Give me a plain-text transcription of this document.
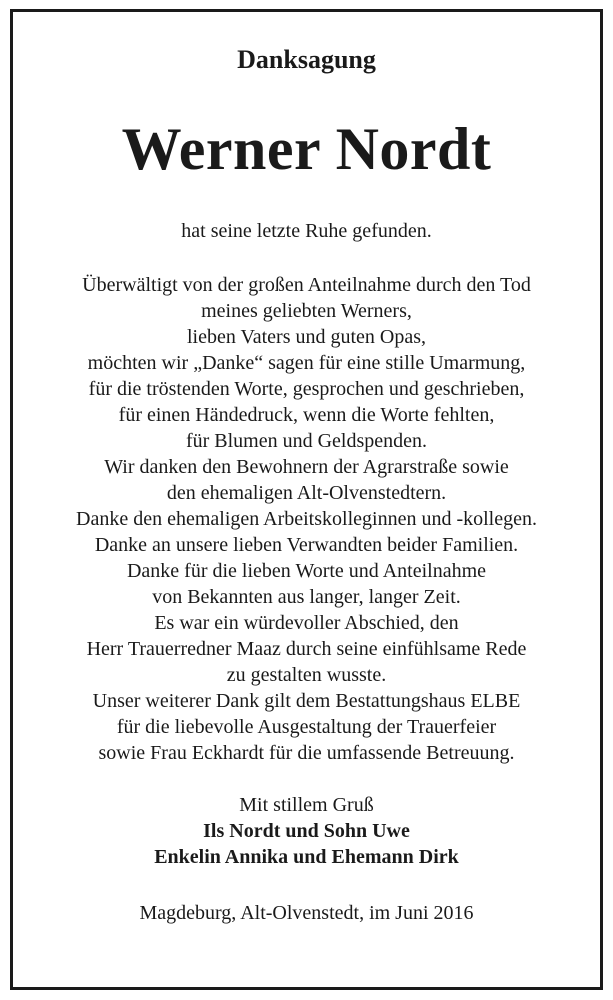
Danksagung
Werner Nordt
hat seine letzte Ruhe gefunden.
Überwältigt von der großen Anteilnahme durch den Tod
meines geliebten Werners,
lieben Vaters und guten Opas,
möchten wir „Danke“ sagen für eine stille Umarmung,
für die tröstenden Worte, gesprochen und geschrieben,
für einen Händedruck, wenn die Worte fehlten,
für Blumen und Geldspenden.
Wir danken den Bewohnern der Agrarstraße sowie
den ehemaligen Alt-Olvenstedtern.
Danke den ehemaligen Arbeitskolleginnen und -kollegen.
Danke an unsere lieben Verwandten beider Familien.
Danke für die lieben Worte und Anteilnahme
von Bekannten aus langer, langer Zeit.
Es war ein würdevoller Abschied, den
Herr Trauerredner Maaz durch seine einfühlsame Rede
zu gestalten wusste.
Unser weiterer Dank gilt dem Bestattungshaus ELBE
für die liebevolle Ausgestaltung der Trauerfeier
sowie Frau Eckhardt für die umfassende Betreuung.
Mit stillem Gruß
Ils Nordt und Sohn Uwe
Enkelin Annika und Ehemann Dirk
Magdeburg, Alt-Olvenstedt, im Juni 2016
